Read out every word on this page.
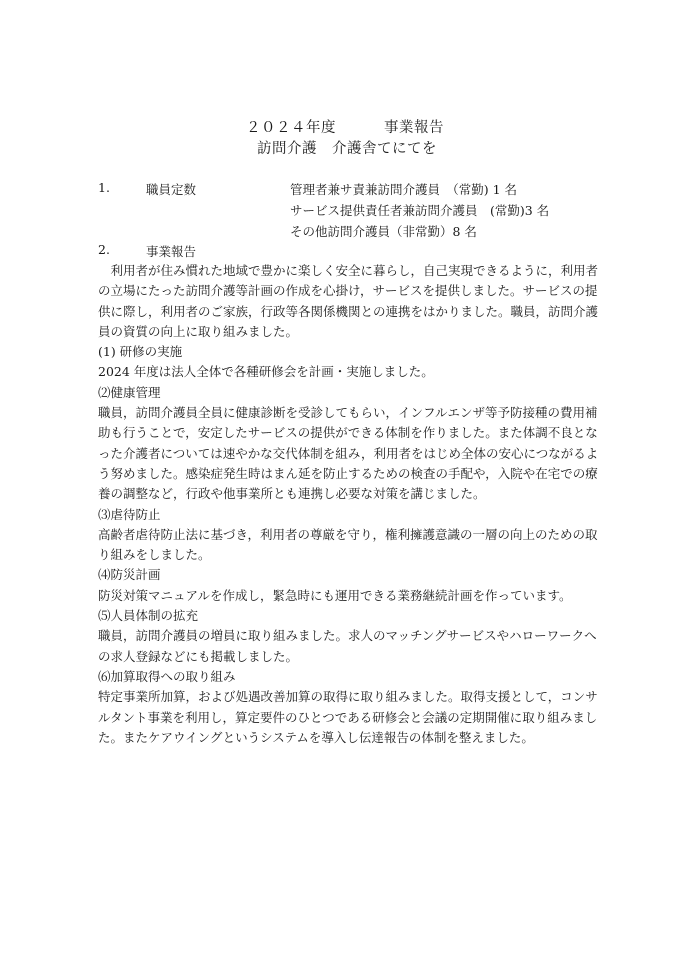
２０２４年度	事業報告
訪問介護　介護舎てにてを
1.	職員定数	管理者兼サ責兼訪問介護員　（常勤) 1 名
サービス提供責任者兼訪問介護員　(常勤)3 名
その他訪問介護員（非常勤）8 名
2.	事業報告
　利用者が住み慣れた地域で豊かに楽しく安全に暮らし，自己実現できるように，利用者
の立場にたった訪問介護等計画の作成を心掛け，サービスを提供しました。サービスの提
供に際し，利用者のご家族，行政等各関係機関との連携をはかりました。職員，訪問介護
員の資質の向上に取り組みました。
(1) 研修の実施
2024 年度は法人全体で各種研修会を計画・実施しました。
⑵健康管理
職員，訪問介護員全員に健康診断を受診してもらい，インフルエンザ等予防接種の費用補
助も行うことで，安定したサービスの提供ができる体制を作りました。また体調不良とな
った介護者については速やかな交代体制を組み，利用者をはじめ全体の安心につながるよ
う努めました。感染症発生時はまん延を防止するための検査の手配や，入院や在宅での療
養の調整など，行政や他事業所とも連携し必要な対策を講じました。
⑶虐待防止
高齢者虐待防止法に基づき，利用者の尊厳を守り，権利擁護意識の一層の向上のための取
り組みをしました。
⑷防災計画
防災対策マニュアルを作成し，緊急時にも運用できる業務継続計画を作っています。
⑸人員体制の拡充
職員，訪問介護員の増員に取り組みました。求人のマッチングサービスやハローワークへ
の求人登録などにも掲載しました。
⑹加算取得への取り組み
特定事業所加算，および処遇改善加算の取得に取り組みました。取得支援として，コンサ
ルタント事業を利用し，算定要件のひとつである研修会と会議の定期開催に取り組みまし
た。またケアウイングというシステムを導入し伝達報告の体制を整えました。
